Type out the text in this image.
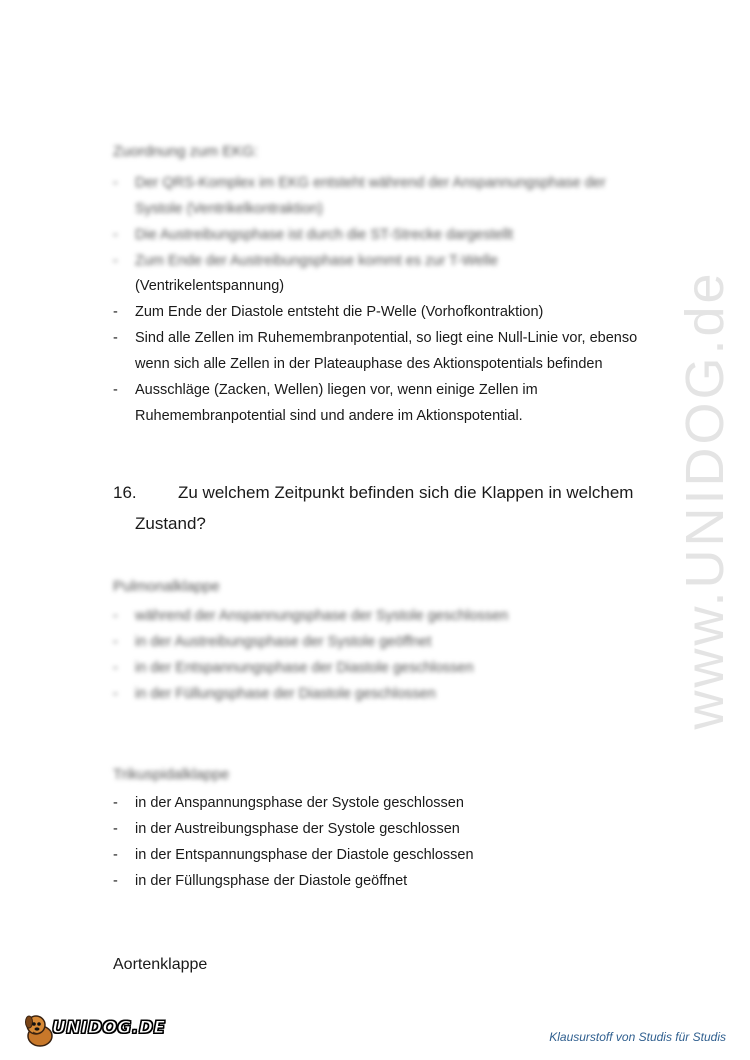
www.UNIDOG.de
Zuordnung zum EKG:
- Der QRS-Komplex im EKG entsteht während der Anspannungsphase der
Systole (Ventrikelkontraktion)
- Die Austreibungsphase ist durch die ST-Strecke dargestellt
- Zum Ende der Austreibungsphase kommt es zur T-Welle
(Ventrikelentspannung)
- Zum Ende der Diastole entsteht die P-Welle (Vorhofkontraktion)
- Sind alle Zellen im Ruhemembranpotential, so liegt eine Null-Linie vor, ebenso
wenn sich alle Zellen in der Plateauphase des Aktionspotentials befinden
- Ausschläge (Zacken, Wellen) liegen vor, wenn einige Zellen im
Ruhemembranpotential sind und andere im Aktionspotential.
16. Zu welchem Zeitpunkt befinden sich die Klappen in welchem
Zustand?
Pulmonalklappe
- während der Anspannungsphase der Systole geschlossen
- in der Austreibungsphase der Systole geöffnet
- in der Entspannungsphase der Diastole geschlossen
- in der Füllungsphase der Diastole geschlossen
Trikuspidalklappe
- in der Anspannungsphase der Systole geschlossen
- in der Austreibungsphase der Systole geschlossen
- in der Entspannungsphase der Diastole geschlossen
- in der Füllungsphase der Diastole geöffnet
Aortenklappe
UNIDOG.DE	Klausurstoff von Studis für Studis
